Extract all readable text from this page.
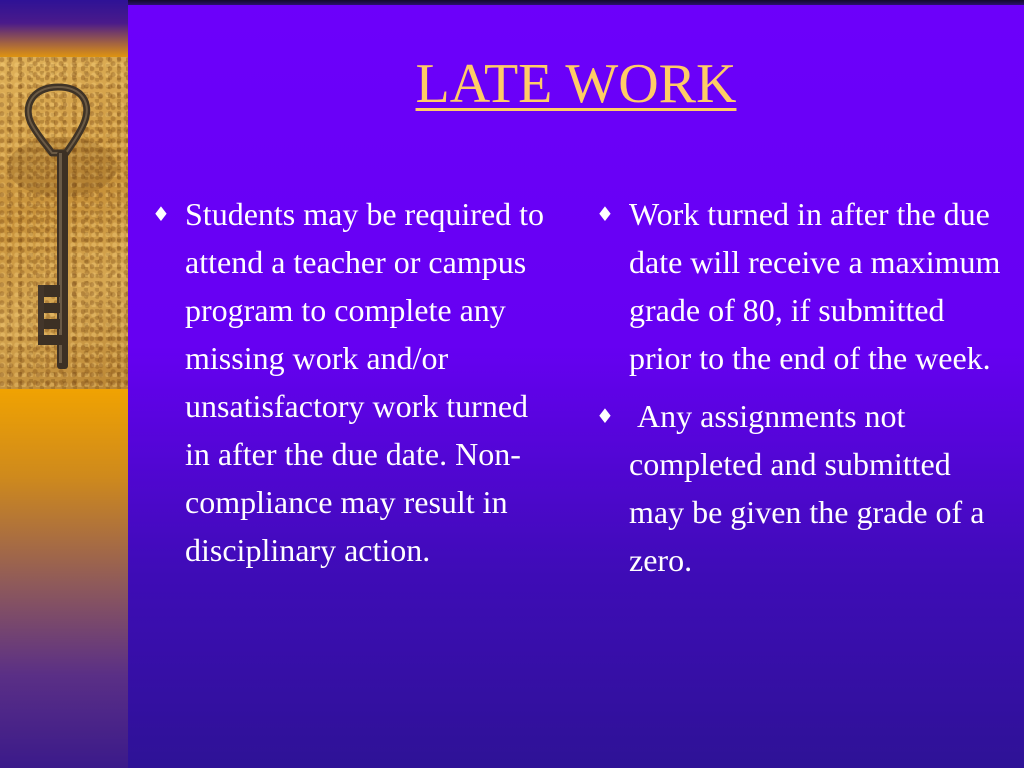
LATE WORK
♦ Students may be required to attend a teacher or campus program to complete any missing work and/or unsatisfactory work turned in after the due date. Non-compliance may result in disciplinary action.
♦ Work turned in after the due date will receive a maximum grade of 80, if submitted prior to the end of the week.
♦ Any assignments not completed and submitted may be given the grade of a zero.
